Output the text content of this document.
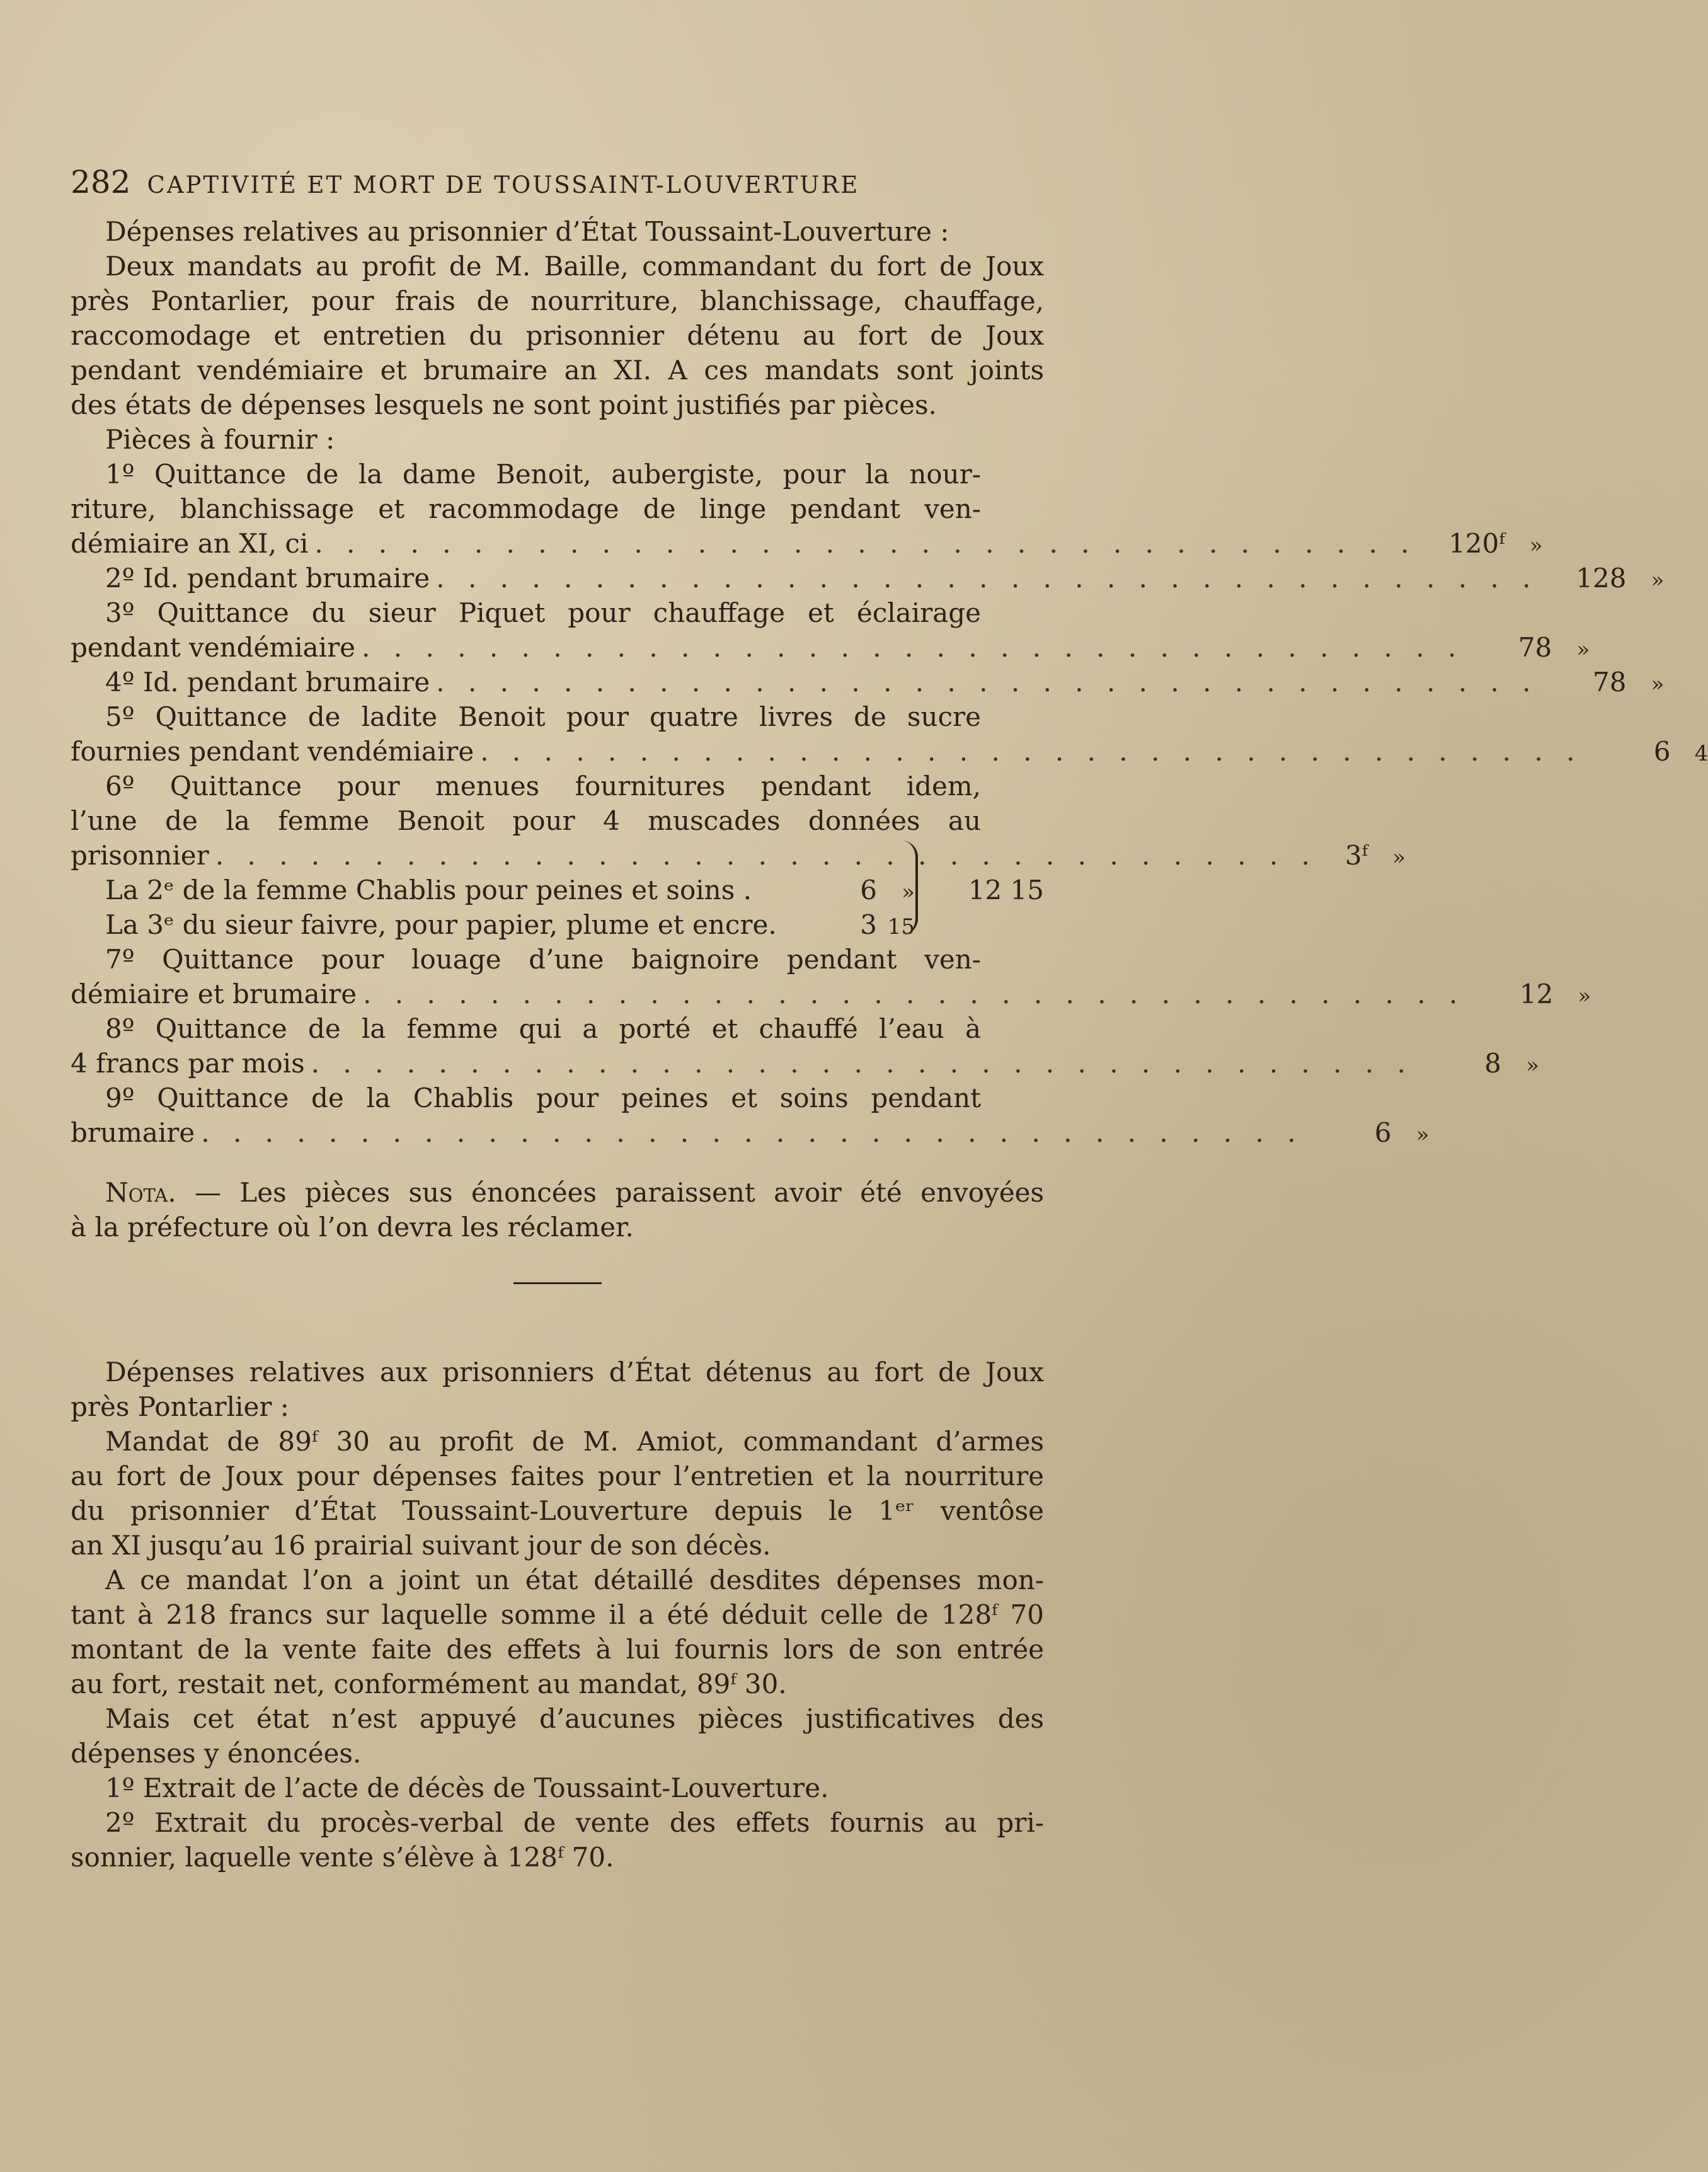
282 CAPTIVITÉ ET MORT DE TOUSSAINT-LOUVERTURE
Dépenses relatives au prisonnier d’État Toussaint-Louverture :
Deux mandats au profit de M. Baille, commandant du fort de Joux
près Pontarlier, pour frais de nourriture, blanchissage, chauffage,
raccomodage et entretien du prisonnier détenu au fort de Joux
pendant vendémiaire et brumaire an XI. A ces mandats sont joints
des états de dépenses lesquels ne sont point justifiés par pièces.
Pièces à fournir :
1º Quittance de la dame Benoit, aubergiste, pour la nour-
riture, blanchissage et racommodage de linge pendant ven-
démiaire an XI, ci . . . . . . . . . . . . . . . . . . . . . . . . . . . . . . . . . . .	120ᶠ	»
2º Id. pendant brumaire . . . . . . . . . . . . . . . . . . . . . . . . . . . . . . . . . . .	128	»
3º Quittance du sieur Piquet pour chauffage et éclairage
pendant vendémiaire . . . . . . . . . . . . . . . . . . . . . . . . . . . . . . . . . . .	78	»
4º Id. pendant brumaire . . . . . . . . . . . . . . . . . . . . . . . . . . . . . . . . . . .	78	»
5º Quittance de ladite Benoit pour quatre livres de sucre
fournies pendant vendémiaire . . . . . . . . . . . . . . . . . . . . . . . . . . . . . . . . . . .	6	4
6º Quittance pour menues fournitures pendant idem,
l’une de la femme Benoit pour 4 muscades données au
prisonnier . . . . . . . . . . . . . . . . . . . . . . . . . . . . . . . . . . .	3ᶠ	»
La 2ᵉ de la femme Chablis pour peines et soins .	6	»
La 3ᵉ du sieur faivre, pour papier, plume et encre.	3 15
12 15
7º Quittance pour louage d’une baignoire pendant ven-
démiaire et brumaire . . . . . . . . . . . . . . . . . . . . . . . . . . . . . . . . . . .	12	»
8º Quittance de la femme qui a porté et chauffé l’eau à
4 francs par mois . . . . . . . . . . . . . . . . . . . . . . . . . . . . . . . . . . .	8	»
9º Quittance de la Chablis pour peines et soins pendant
brumaire . . . . . . . . . . . . . . . . . . . . . . . . . . . . . . . . . . .	6	»
Nota. — Les pièces sus énoncées paraissent avoir été envoyées
à la préfecture où l’on devra les réclamer.
Dépenses relatives aux prisonniers d’État détenus au fort de Joux
près Pontarlier :
Mandat de 89ᶠ 30 au profit de M. Amiot, commandant d’armes
au fort de Joux pour dépenses faites pour l’entretien et la nourriture
du prisonnier d’État Toussaint-Louverture depuis le 1ᵉʳ ventôse
an XI jusqu’au 16 prairial suivant jour de son décès.
A ce mandat l’on a joint un état détaillé desdites dépenses mon-
tant à 218 francs sur laquelle somme il a été déduit celle de 128ᶠ 70
montant de la vente faite des effets à lui fournis lors de son entrée
au fort, restait net, conformément au mandat, 89ᶠ 30.
Mais cet état n’est appuyé d’aucunes pièces justificatives des
dépenses y énoncées.
1º Extrait de l’acte de décès de Toussaint-Louverture.
2º Extrait du procès-verbal de vente des effets fournis au pri-
sonnier, laquelle vente s’élève à 128ᶠ 70.
